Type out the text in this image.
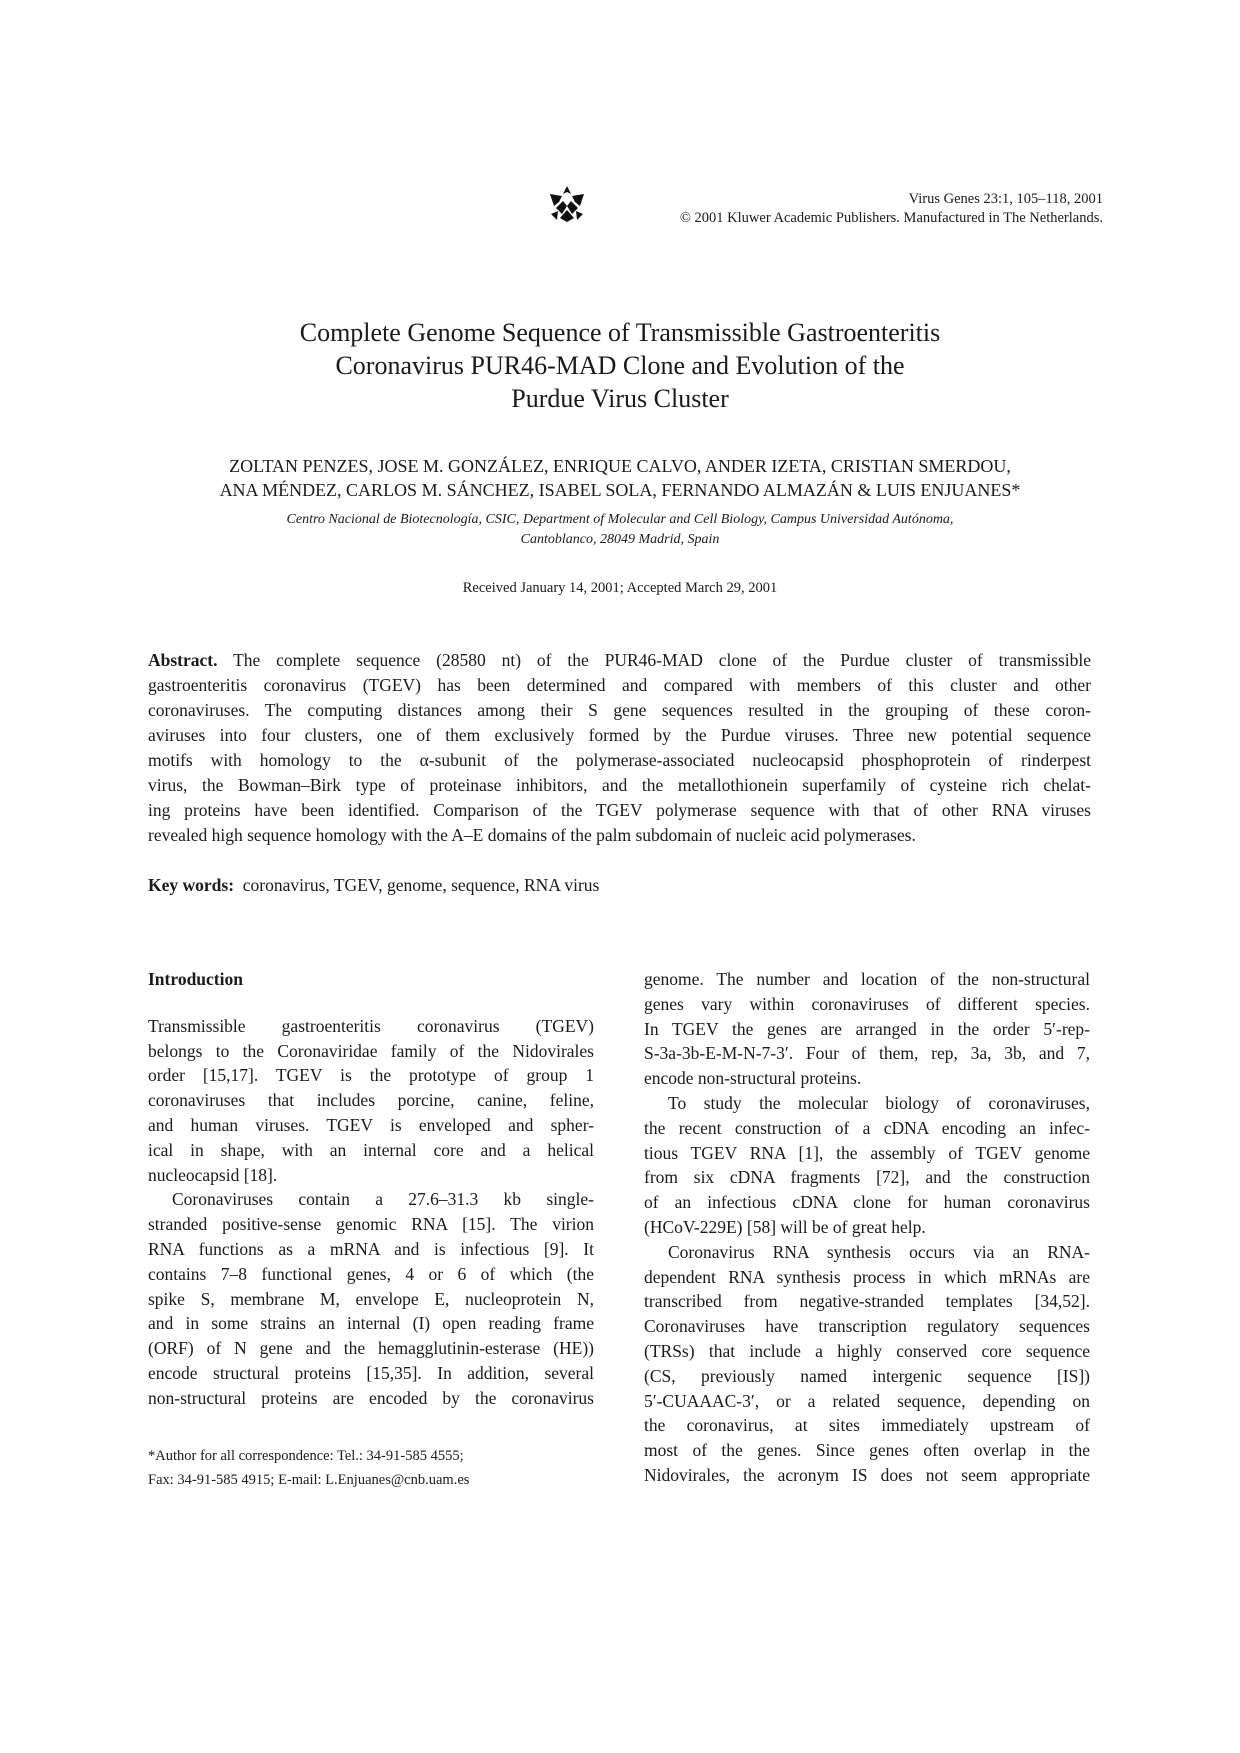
Virus Genes 23:1, 105–118, 2001
© 2001 Kluwer Academic Publishers. Manufactured in The Netherlands.
Complete Genome Sequence of Transmissible Gastroenteritis
Coronavirus PUR46-MAD Clone and Evolution of the
Purdue Virus Cluster
ZOLTAN PENZES, JOSE M. GONZÁLEZ, ENRIQUE CALVO, ANDER IZETA, CRISTIAN SMERDOU,
ANA MÉNDEZ, CARLOS M. SÁNCHEZ, ISABEL SOLA, FERNANDO ALMAZÁN & LUIS ENJUANES*
Centro Nacional de Biotecnología, CSIC, Department of Molecular and Cell Biology, Campus Universidad Autónoma,
Cantoblanco, 28049 Madrid, Spain
Received January 14, 2001; Accepted March 29, 2001
Abstract. The complete sequence (28580 nt) of the PUR46-MAD clone of the Purdue cluster of transmissible
gastroenteritis coronavirus (TGEV) has been determined and compared with members of this cluster and other
coronaviruses. The computing distances among their S gene sequences resulted in the grouping of these coron-
aviruses into four clusters, one of them exclusively formed by the Purdue viruses. Three new potential sequence
motifs with homology to the α-subunit of the polymerase-associated nucleocapsid phosphoprotein of rinderpest
virus, the Bowman–Birk type of proteinase inhibitors, and the metallothionein superfamily of cysteine rich chelat-
ing proteins have been identified. Comparison of the TGEV polymerase sequence with that of other RNA viruses
revealed high sequence homology with the A–E domains of the palm subdomain of nucleic acid polymerases.
Key words: coronavirus, TGEV, genome, sequence, RNA virus
Introduction
Transmissible gastroenteritis coronavirus (TGEV)
belongs to the Coronaviridae family of the Nidovirales
order [15,17]. TGEV is the prototype of group 1
coronaviruses that includes porcine, canine, feline,
and human viruses. TGEV is enveloped and spher-
ical in shape, with an internal core and a helical
nucleocapsid [18].
Coronaviruses contain a 27.6–31.3 kb single-
stranded positive-sense genomic RNA [15]. The virion
RNA functions as a mRNA and is infectious [9]. It
contains 7–8 functional genes, 4 or 6 of which (the
spike S, membrane M, envelope E, nucleoprotein N,
and in some strains an internal (I) open reading frame
(ORF) of N gene and the hemagglutinin-esterase (HE))
encode structural proteins [15,35]. In addition, several
non-structural proteins are encoded by the coronavirus
*Author for all correspondence: Tel.: 34-91-585 4555;
Fax: 34-91-585 4915; E-mail: L.Enjuanes@cnb.uam.es
genome. The number and location of the non-structural
genes vary within coronaviruses of different species.
In TGEV the genes are arranged in the order 5′-rep-
S-3a-3b-E-M-N-7-3′. Four of them, rep, 3a, 3b, and 7,
encode non-structural proteins.
To study the molecular biology of coronaviruses,
the recent construction of a cDNA encoding an infec-
tious TGEV RNA [1], the assembly of TGEV genome
from six cDNA fragments [72], and the construction
of an infectious cDNA clone for human coronavirus
(HCoV-229E) [58] will be of great help.
Coronavirus RNA synthesis occurs via an RNA-
dependent RNA synthesis process in which mRNAs are
transcribed from negative-stranded templates [34,52].
Coronaviruses have transcription regulatory sequences
(TRSs) that include a highly conserved core sequence
(CS, previously named intergenic sequence [IS])
5′-CUAAAC-3′, or a related sequence, depending on
the coronavirus, at sites immediately upstream of
most of the genes. Since genes often overlap in the
Nidovirales, the acronym IS does not seem appropriate
